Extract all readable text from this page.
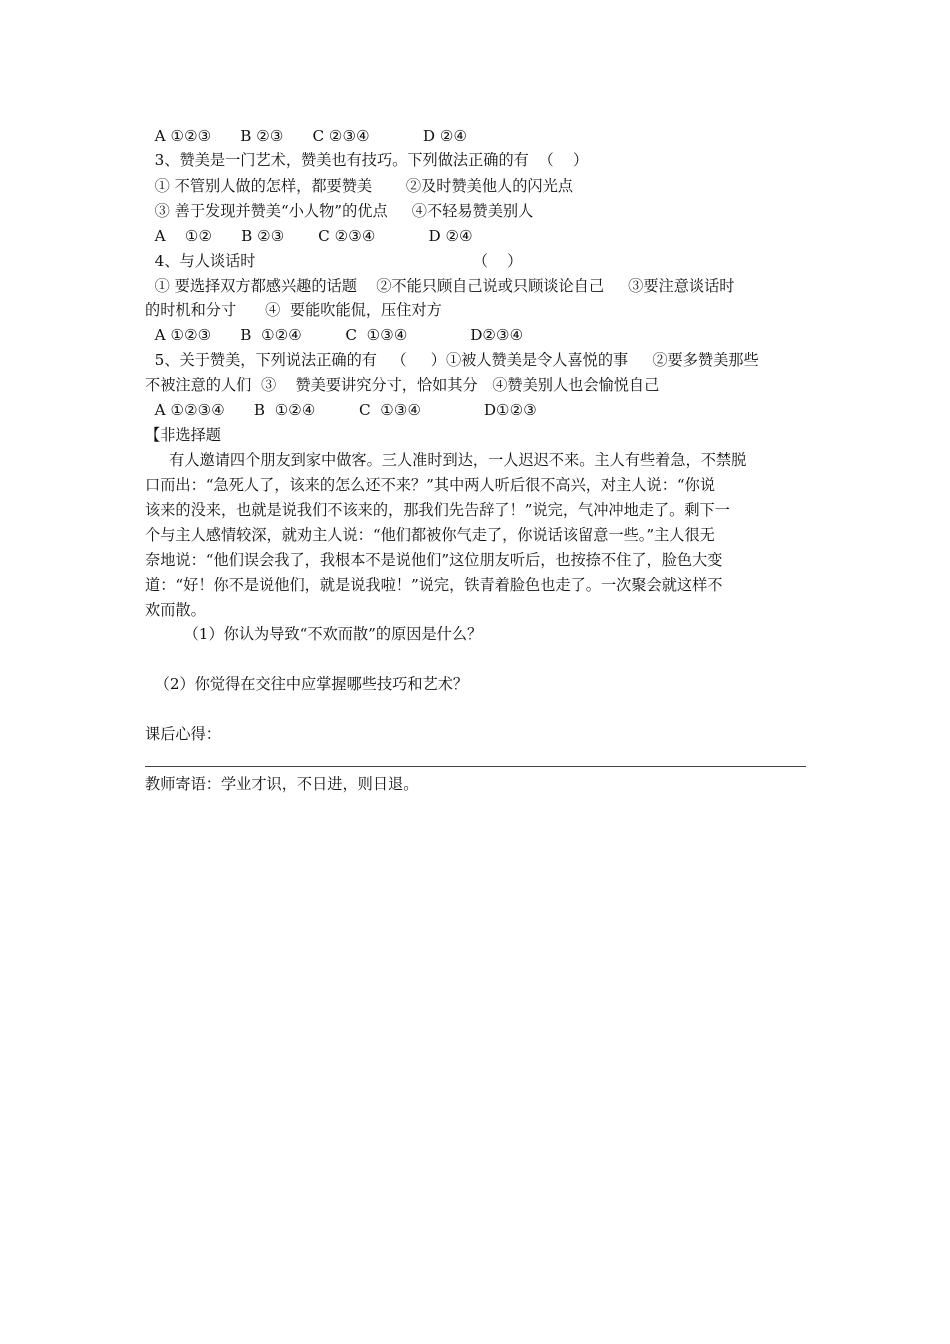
A ①②③      B ②③      C ②③④           D ②④
3、赞美是一门艺术，赞美也有技巧。下列做法正确的有  （    ）
① 不管别人做的怎样，都要赞美       ②及时赞美他人的闪光点
③ 善于发现并赞美“小人物”的优点     ④不轻易赞美别人
A    ①②      B ②③       C ②③④           D ②④
4、与人谈话时                                             （    ）
① 要选择双方都感兴趣的话题    ②不能只顾自己说或只顾谈论自己     ③要注意谈话时
的时机和分寸      ④  要能吹能侃，压住对方
A ①②③      B  ①②④         C  ①③④             D②③④
5、关于赞美，下列说法正确的有   （     ）①被人赞美是令人喜悦的事     ②要多赞美那些
不被注意的人们  ③    赞美要讲究分寸，恰如其分   ④赞美别人也会愉悦自己
A ①②③④      B  ①②④         C  ①③④             D①②③
【非选择题
有人邀请四个朋友到家中做客。三人准时到达，一人迟迟不来。主人有些着急，不禁脱
口而出：“急死人了，该来的怎么还不来？”其中两人听后很不高兴，对主人说：“你说
该来的没来，也就是说我们不该来的，那我们先告辞了！”说完，气冲冲地走了。剩下一
个与主人感情较深，就劝主人说：“他们都被你气走了，你说话该留意一些。”主人很无
奈地说：“他们误会我了，我根本不是说他们”这位朋友听后，也按捺不住了，脸色大变
道：“好！你不是说他们，就是说我啦！”说完，铁青着脸色也走了。一次聚会就这样不
欢而散。
（1）你认为导致“不欢而散”的原因是什么？
（2）你觉得在交往中应掌握哪些技巧和艺术？
课后心得：
教师寄语：学业才识，不日进，则日退。
